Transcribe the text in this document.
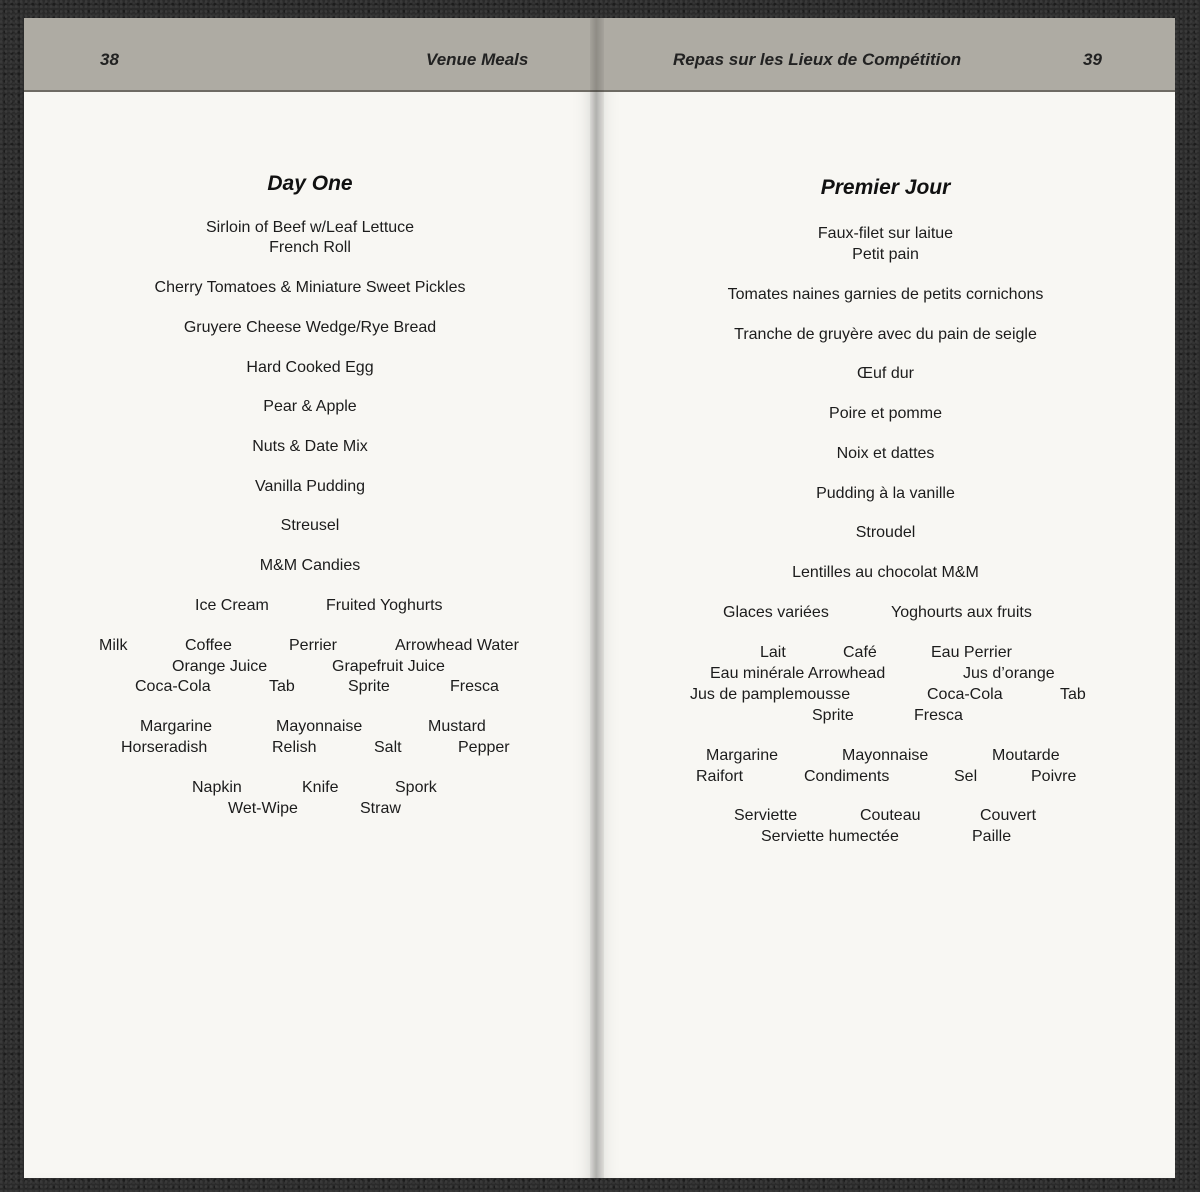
38	Venue Meals
Day One
Sirloin of Beef w/Leaf Lettuce
French Roll
Cherry Tomatoes & Miniature Sweet Pickles
Gruyere Cheese Wedge/Rye Bread
Hard Cooked Egg
Pear & Apple
Nuts & Date Mix
Vanilla Pudding
Streusel
M&M Candies
Ice Cream	Fruited Yoghurts
Milk	Coffee	Perrier	Arrowhead Water
Orange Juice	Grapefruit Juice
Coca-Cola	Tab	Sprite	Fresca
Margarine	Mayonnaise	Mustard
Horseradish	Relish	Salt	Pepper
Napkin	Knife	Spork
Wet-Wipe	Straw
Repas sur les Lieux de Compétition	39
Premier Jour
Faux-filet sur laitue
Petit pain
Tomates naines garnies de petits cornichons
Tranche de gruyère avec du pain de seigle
Œuf dur
Poire et pomme
Noix et dattes
Pudding à la vanille
Stroudel
Lentilles au chocolat M&M
Glaces variées	Yoghourts aux fruits
Lait	Café	Eau Perrier
Eau minérale Arrowhead	Jus d’orange
Jus de pamplemousse	Coca-Cola	Tab
Sprite	Fresca
Margarine	Mayonnaise	Moutarde
Raifort	Condiments	Sel	Poivre
Serviette	Couteau	Couvert
Serviette humectée	Paille
